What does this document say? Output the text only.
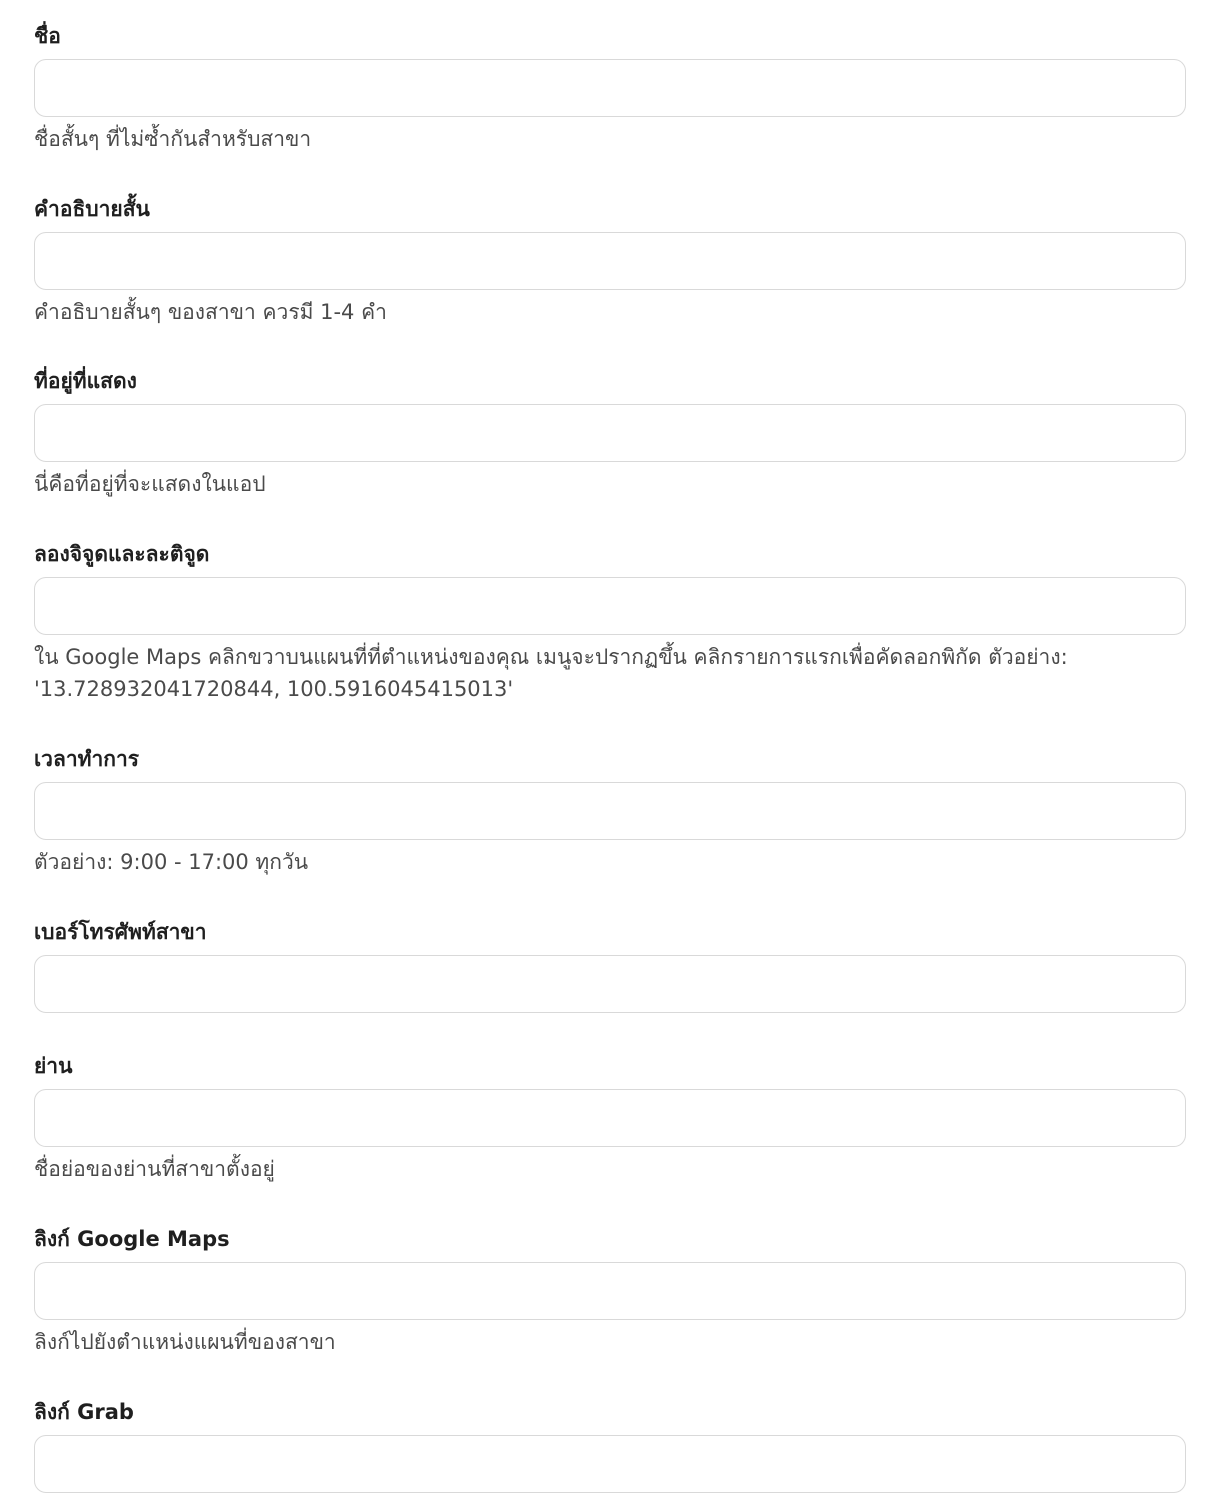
ชื่อ

ชื่อสั้นๆ ที่ไม่ซ้ำกันสำหรับสาขา

คำอธิบายสั้น

คำอธิบายสั้นๆ ของสาขา ควรมี 1-4 คำ

ที่อยู่ที่แสดง

นี่คือที่อยู่ที่จะแสดงในแอป

ลองจิจูดและละติจูด

ใน Google Maps คลิกขวาบนแผนที่ที่ตำแหน่งของคุณ เมนูจะปรากฏขึ้น คลิกรายการแรกเพื่อคัดลอกพิกัด ตัวอย่าง:
'13.728932041720844, 100.5916045415013'

เวลาทำการ

ตัวอย่าง: 9:00 - 17:00 ทุกวัน

เบอร์โทรศัพท์สาขา
ย่าน

ชื่อย่อของย่านที่สาขาตั้งอยู่

ลิงก์ Google Maps

ลิงก์ไปยังตำแหน่งแผนที่ของสาขา

ลิงก์ Grab
